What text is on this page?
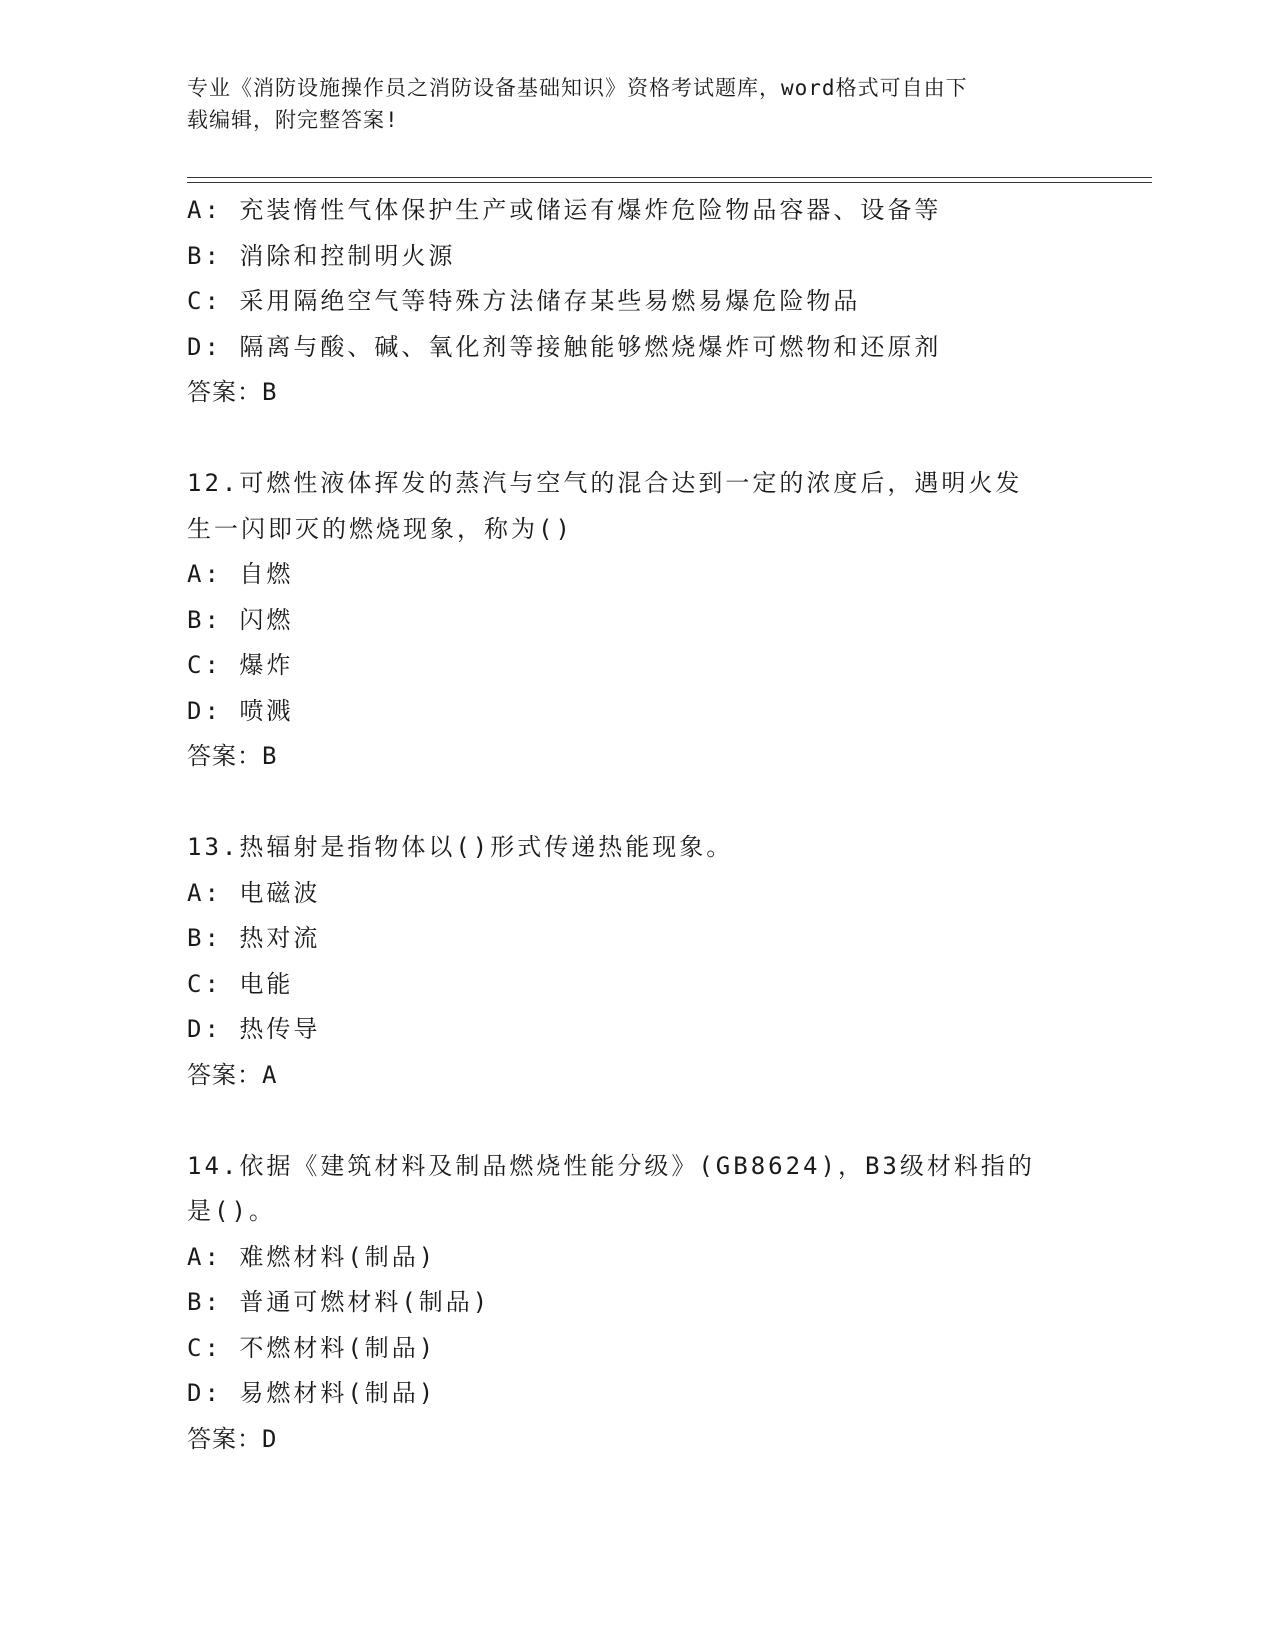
专业《消防设施操作员之消防设备基础知识》资格考试题库，word格式可自由下
载编辑，附完整答案!
A: 充装惰性气体保护生产或储运有爆炸危险物品容器、设备等
B: 消除和控制明火源
C: 采用隔绝空气等特殊方法储存某些易燃易爆危险物品
D: 隔离与酸、碱、氧化剂等接触能够燃烧爆炸可燃物和还原剂
答案：B
12.可燃性液体挥发的蒸汽与空气的混合达到一定的浓度后，遇明火发
生一闪即灭的燃烧现象，称为()
A: 自燃
B: 闪燃
C: 爆炸
D: 喷溅
答案：B
13.热辐射是指物体以()形式传递热能现象。
A: 电磁波
B: 热对流
C: 电能
D: 热传导
答案：A
14.依据《建筑材料及制品燃烧性能分级》(GB8624)，B3级材料指的
是()。
A: 难燃材料(制品)
B: 普通可燃材料(制品)
C: 不燃材料(制品)
D: 易燃材料(制品)
答案：D
